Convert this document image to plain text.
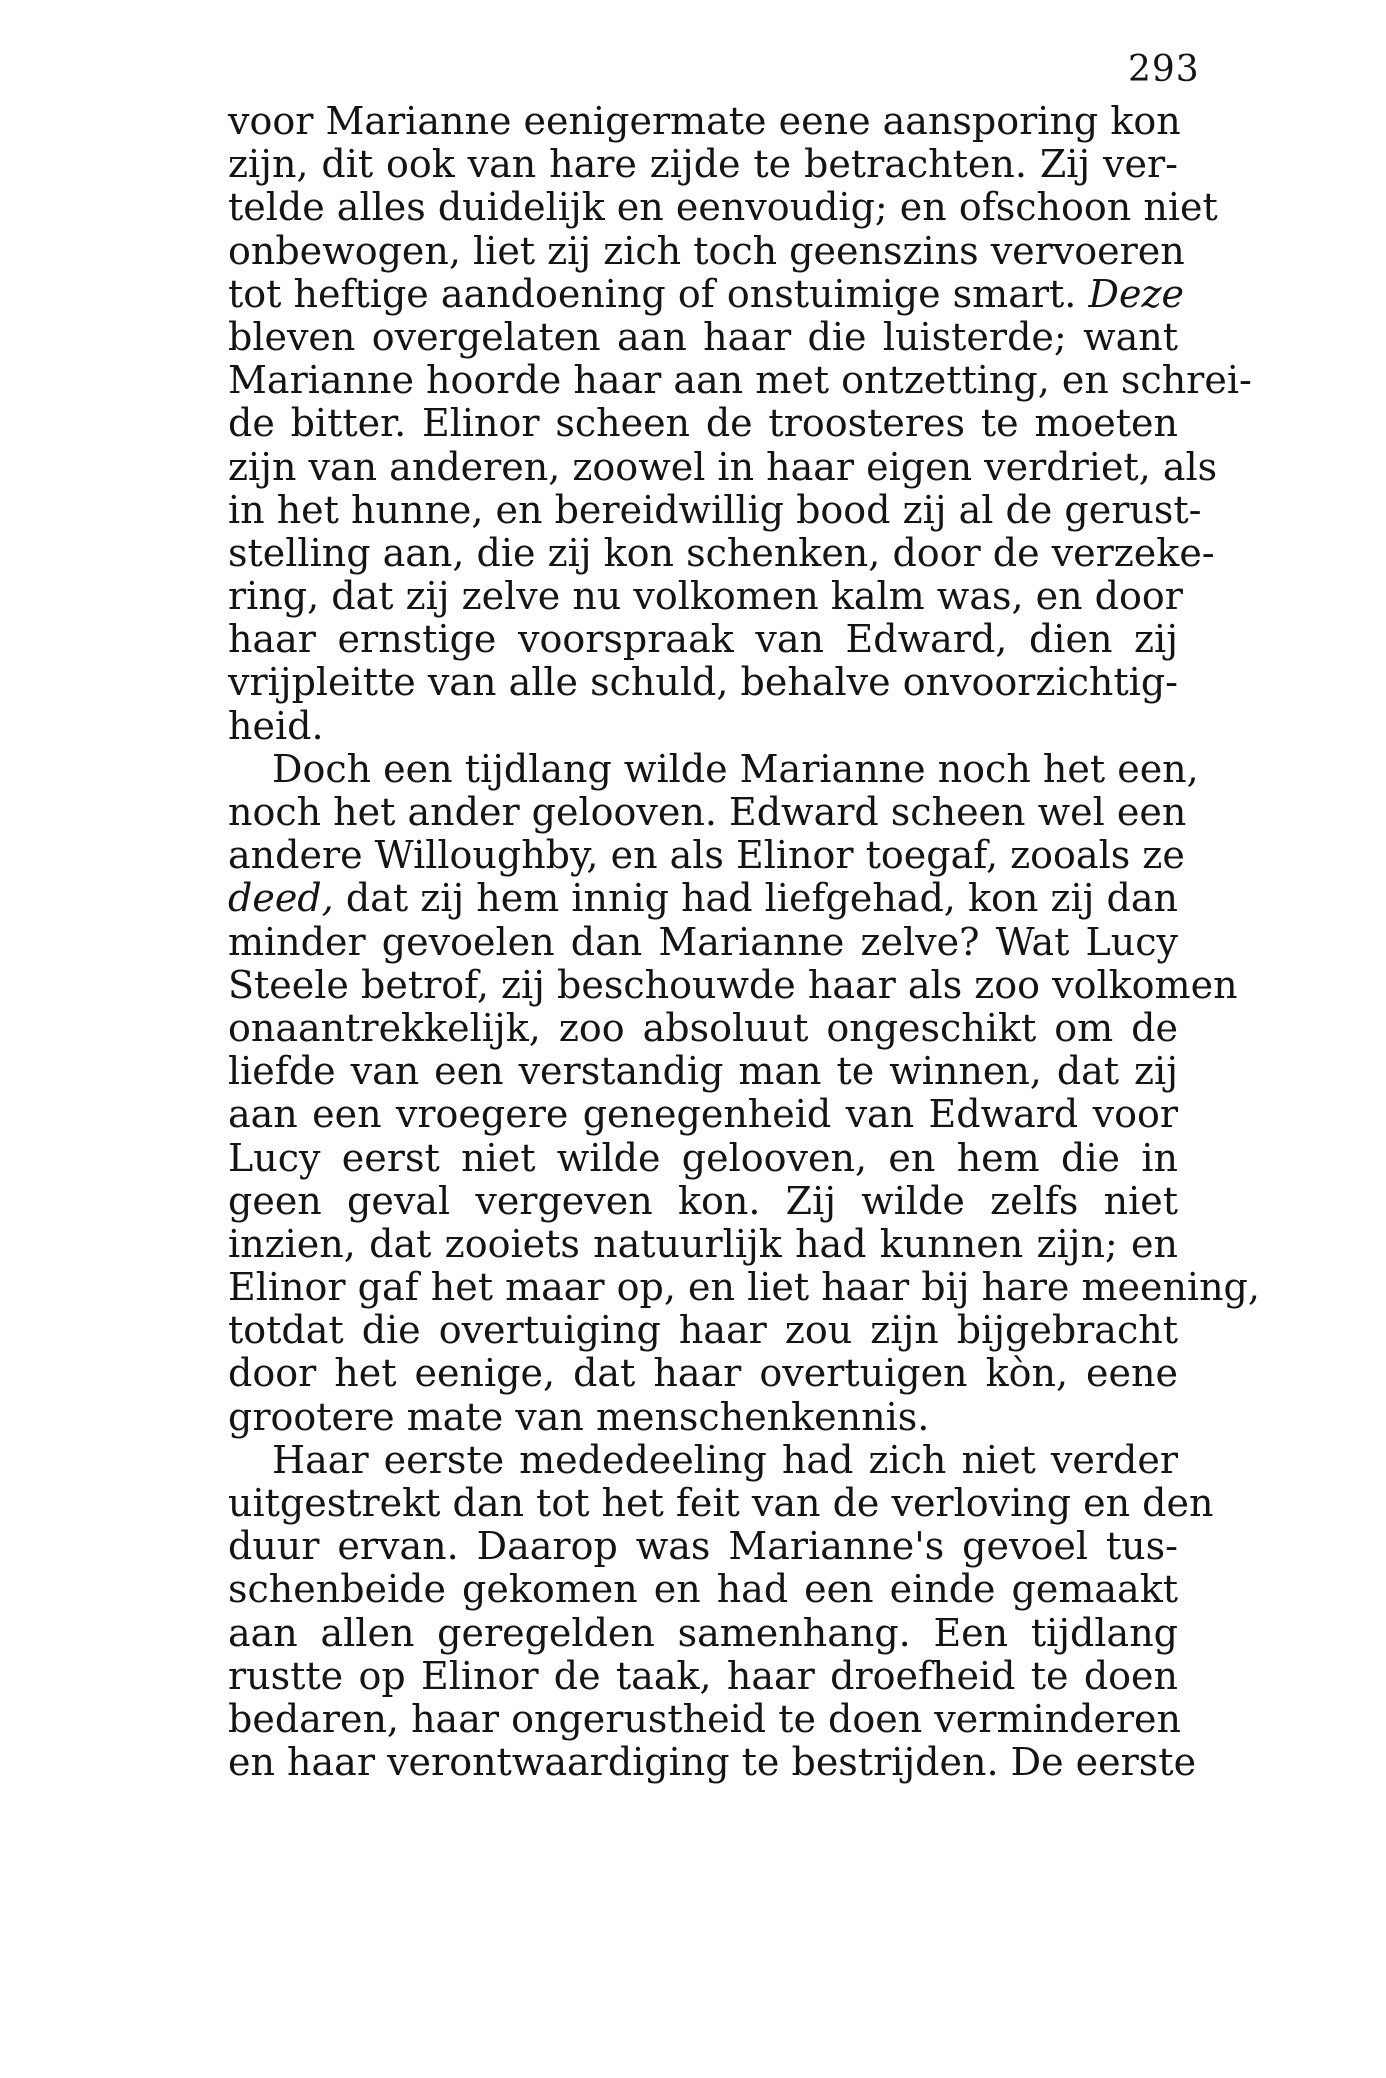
293
voor Marianne eenigermate eene aansporing kon
zijn, dit ook van hare zijde te betrachten. Zij ver-
telde alles duidelijk en eenvoudig; en ofschoon niet
onbewogen, liet zij zich toch geenszins vervoeren
tot heftige aandoening of onstuimige smart. Deze
bleven overgelaten aan haar die luisterde; want
Marianne hoorde haar aan met ontzetting, en schrei-
de bitter. Elinor scheen de troosteres te moeten
zijn van anderen, zoowel in haar eigen verdriet, als
in het hunne, en bereidwillig bood zij al de gerust-
stelling aan, die zij kon schenken, door de verzeke-
ring, dat zij zelve nu volkomen kalm was, en door
haar ernstige voorspraak van Edward, dien zij
vrijpleitte van alle schuld, behalve onvoorzichtig-
heid.
Doch een tijdlang wilde Marianne noch het een,
noch het ander gelooven. Edward scheen wel een
andere Willoughby, en als Elinor toegaf, zooals ze
deed, dat zij hem innig had liefgehad, kon zij dan
minder gevoelen dan Marianne zelve? Wat Lucy
Steele betrof, zij beschouwde haar als zoo volkomen
onaantrekkelijk, zoo absoluut ongeschikt om de
liefde van een verstandig man te winnen, dat zij
aan een vroegere genegenheid van Edward voor
Lucy eerst niet wilde gelooven, en hem die in
geen geval vergeven kon. Zij wilde zelfs niet
inzien, dat zooiets natuurlijk had kunnen zijn; en
Elinor gaf het maar op, en liet haar bij hare meening,
totdat die overtuiging haar zou zijn bijgebracht
door het eenige, dat haar overtuigen kòn, eene
grootere mate van menschenkennis.
Haar eerste mededeeling had zich niet verder
uitgestrekt dan tot het feit van de verloving en den
duur ervan. Daarop was Marianne's gevoel tus-
schenbeide gekomen en had een einde gemaakt
aan allen geregelden samenhang. Een tijdlang
rustte op Elinor de taak, haar droefheid te doen
bedaren, haar ongerustheid te doen verminderen
en haar verontwaardiging te bestrijden. De eerste
